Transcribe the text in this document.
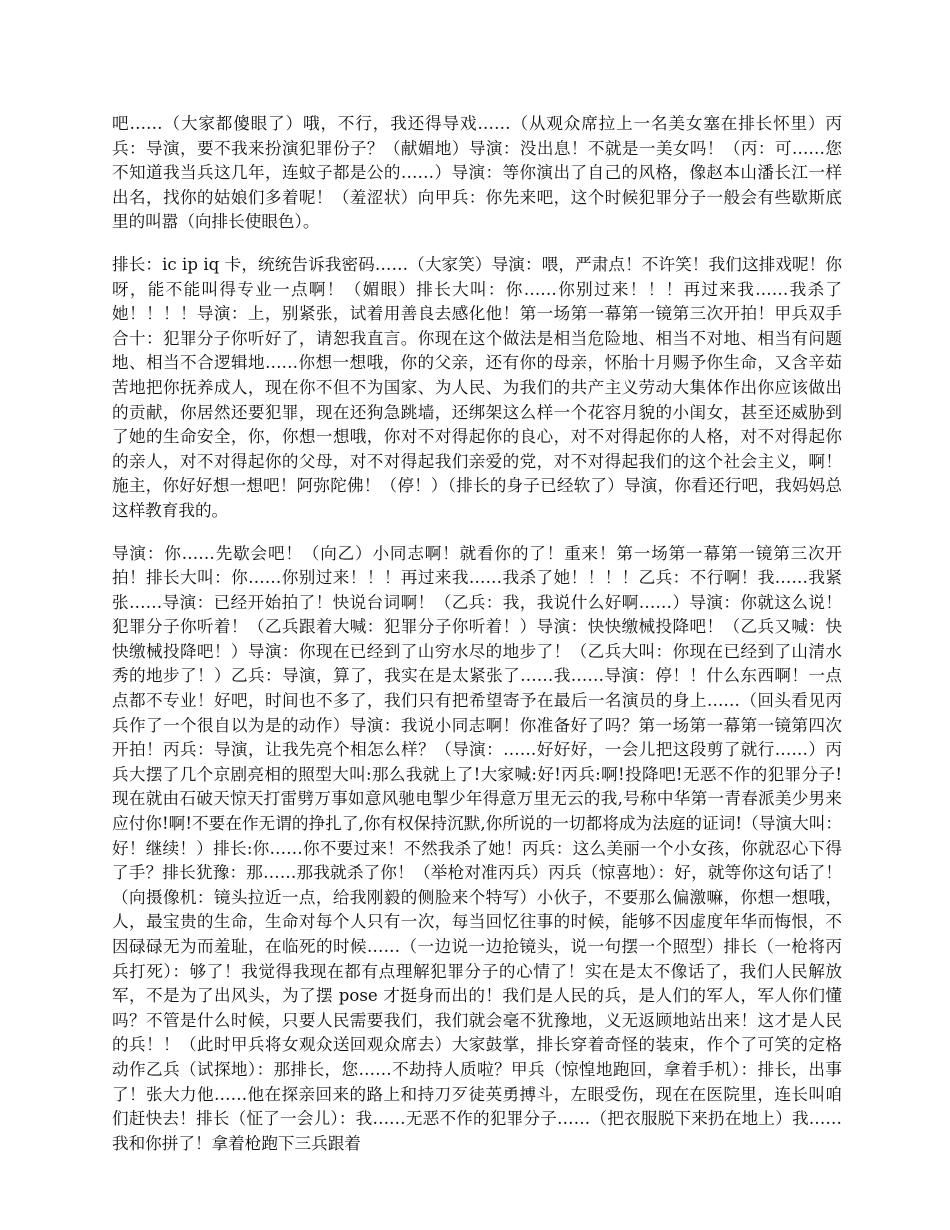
吧……（大家都傻眼了）哦，不行，我还得导戏……（从观众席拉上一名美女塞在排长怀里）丙兵：导演，要不我来扮演犯罪份子？（献媚地）导演：没出息！不就是一美女吗！（丙：可……您不知道我当兵这几年，连蚊子都是公的……）导演：等你演出了自己的风格，像赵本山潘长江一样出名，找你的姑娘们多着呢！（羞涩状）向甲兵：你先来吧，这个时候犯罪分子一般会有些歇斯底里的叫嚣（向排长使眼色）。

排长：ic ip iq 卡，统统告诉我密码……（大家笑）导演：喂，严肃点！不许笑！我们这排戏呢！你呀，能不能叫得专业一点啊！（媚眼）排长大叫：你……你别过来！！！再过来我……我杀了她！！！！导演：上，别紧张，试着用善良去感化他！第一场第一幕第一镜第三次开拍！甲兵双手合十：犯罪分子你听好了，请恕我直言。你现在这个做法是相当危险地、相当不对地、相当有问题地、相当不合逻辑地……你想一想哦，你的父亲，还有你的母亲，怀胎十月赐予你生命，又含辛茹苦地把你抚养成人，现在你不但不为国家、为人民、为我们的共产主义劳动大集体作出你应该做出的贡献，你居然还要犯罪，现在还狗急跳墙，还绑架这么样一个花容月貌的小闺女，甚至还威胁到了她的生命安全，你，你想一想哦，你对不对得起你的良心，对不对得起你的人格，对不对得起你的亲人，对不对得起你的父母，对不对得起我们亲爱的党，对不对得起我们的这个社会主义，啊！施主，你好好想一想吧！阿弥陀佛！（停！）（排长的身子已经软了）导演，你看还行吧，我妈妈总这样教育我的。

导演：你……先歇会吧！（向乙）小同志啊！就看你的了！重来！第一场第一幕第一镜第三次开拍！排长大叫：你……你别过来！！！再过来我……我杀了她！！！！乙兵：不行啊！我……我紧张……导演：已经开始拍了！快说台词啊！（乙兵：我，我说什么好啊……）导演：你就这么说！犯罪分子你听着！（乙兵跟着大喊：犯罪分子你听着！）导演：快快缴械投降吧！（乙兵又喊：快快缴械投降吧！）导演：你现在已经到了山穷水尽的地步了！（乙兵大叫：你现在已经到了山清水秀的地步了！）乙兵：导演，算了，我实在是太紧张了……我……导演：停！！什么东西啊！一点点都不专业！好吧，时间也不多了，我们只有把希望寄予在最后一名演员的身上……（回头看见丙兵作了一个很自以为是的动作）导演：我说小同志啊！你准备好了吗？第一场第一幕第一镜第四次开拍！丙兵：导演，让我先亮个相怎么样？（导演：……好好好，一会儿把这段剪了就行……）丙兵大摆了几个京剧亮相的照型大叫:那么我就上了!大家喊:好!丙兵:啊!投降吧!无恶不作的犯罪分子!现在就由石破天惊天打雷劈万事如意风驰电掣少年得意万里无云的我,号称中华第一青春派美少男来应付你!啊!不要在作无谓的挣扎了,你有权保持沉默,你所说的一切都将成为法庭的证词!（导演大叫：好！继续！）排长:你……你不要过来！不然我杀了她！丙兵：这么美丽一个小女孩，你就忍心下得了手？排长犹豫：那……那我就杀了你！（举枪对准丙兵）丙兵（惊喜地）：好，就等你这句话了！（向摄像机：镜头拉近一点，给我刚毅的侧脸来个特写）小伙子，不要那么偏激嘛，你想一想哦，人，最宝贵的生命，生命对每个人只有一次，每当回忆往事的时候，能够不因虚度年华而悔恨，不因碌碌无为而羞耻，在临死的时候……（一边说一边抢镜头，说一句摆一个照型）排长（一枪将丙兵打死）：够了！我觉得我现在都有点理解犯罪分子的心情了！实在是太不像话了，我们人民解放军，不是为了出风头，为了摆 pose 才挺身而出的！我们是人民的兵，是人们的军人，军人你们懂吗？不管是什么时候，只要人民需要我们，我们就会毫不犹豫地，义无返顾地站出来！这才是人民的兵！！（此时甲兵将女观众送回观众席去）大家鼓掌，排长穿着奇怪的装束，作个了可笑的定格动作乙兵（试探地）：那排长，您……不劫持人质啦？甲兵（惊惶地跑回，拿着手机）：排长，出事了！张大力他……他在探亲回来的路上和持刀歹徒英勇搏斗，左眼受伤，现在在医院里，连长叫咱们赶快去！排长（怔了一会儿）：我……无恶不作的犯罪分子……（把衣服脱下来扔在地上）我……我和你拼了！拿着枪跑下三兵跟着
